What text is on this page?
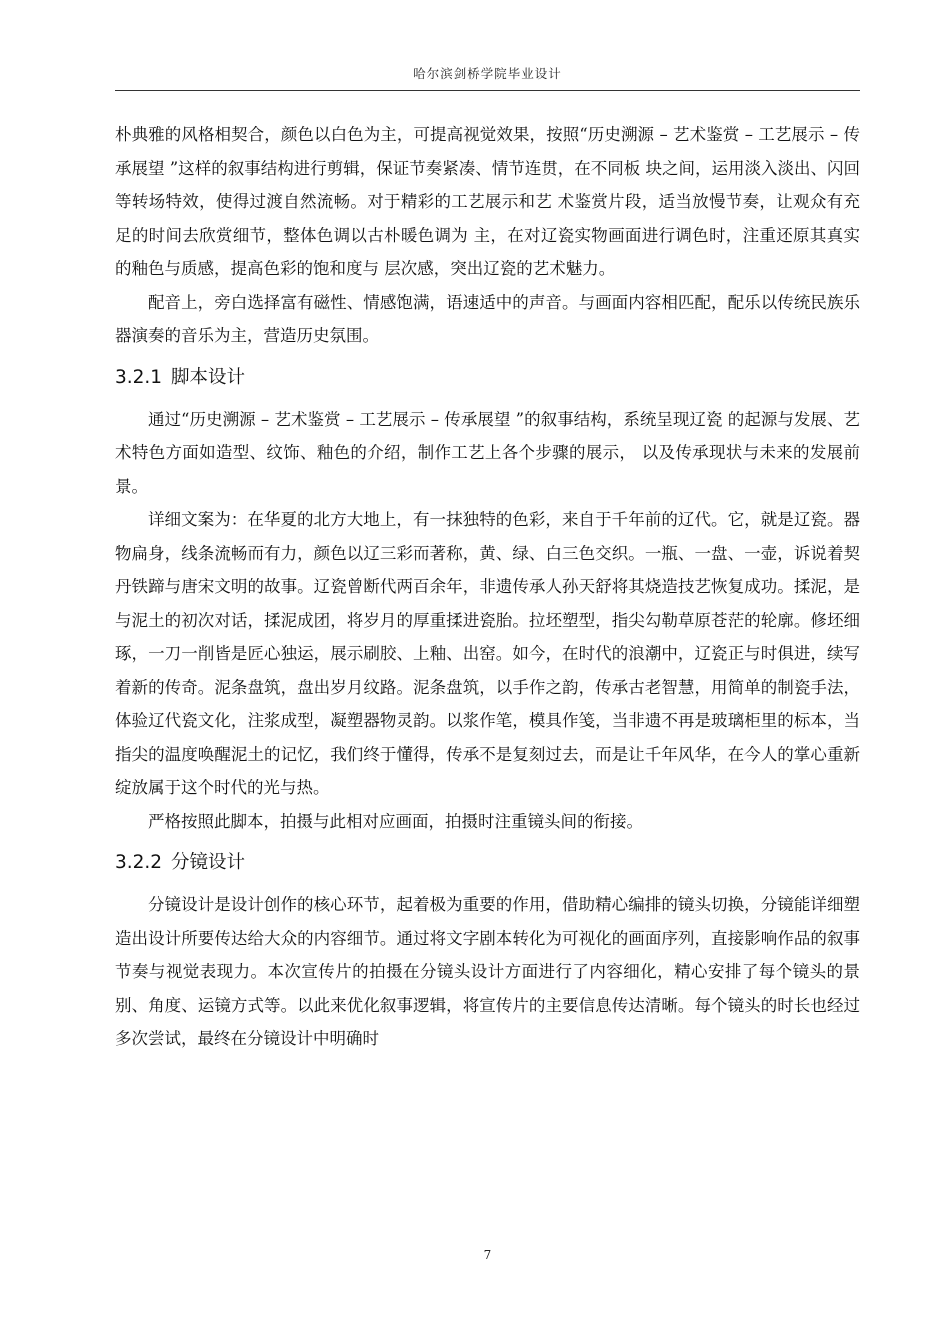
哈尔滨剑桥学院毕业设计

朴典雅的风格相契合，颜色以白色为主，可提高视觉效果，按照“历史溯源 – 艺术鉴赏 – 工艺展示 – 传承展望 ”这样的叙事结构进行剪辑，保证节奏紧凑、情节连贯，在不同板 块之间，运用淡入淡出、闪回等转场特效，使得过渡自然流畅。对于精彩的工艺展示和艺 术鉴赏片段，适当放慢节奏，让观众有充足的时间去欣赏细节，整体色调以古朴暖色调为 主，在对辽瓷实物画面进行调色时，注重还原其真实的釉色与质感，提高色彩的饱和度与 层次感，突出辽瓷的艺术魅力。

配音上，旁白选择富有磁性、情感饱满，语速适中的声音。与画面内容相匹配，配乐以传统民族乐器演奏的音乐为主，营造历史氛围。

3.2.1 脚本设计

通过“历史溯源 – 艺术鉴赏 – 工艺展示 – 传承展望 ”的叙事结构，系统呈现辽瓷 的起源与发展、艺术特色方面如造型、纹饰、釉色的介绍，制作工艺上各个步骤的展示， 以及传承现状与未来的发展前景。

详细文案为：在华夏的北方大地上，有一抹独特的色彩，来自于千年前的辽代。它，就是辽瓷。器物扁身，线条流畅而有力，颜色以辽三彩而著称，黄、绿、白三色交织。一瓶、一盘、一壶，诉说着契丹铁蹄与唐宋文明的故事。辽瓷曾断代两百余年，非遗传承人孙天舒将其烧造技艺恢复成功。揉泥，是与泥土的初次对话，揉泥成团，将岁月的厚重揉进瓷胎。拉坯塑型，指尖勾勒草原苍茫的轮廓。修坯细琢，一刀一削皆是匠心独运，展示刷胶、上釉、出窑。如今，在时代的浪潮中，辽瓷正与时俱进，续写着新的传奇。泥条盘筑，盘出岁月纹路。泥条盘筑，以手作之韵，传承古老智慧，用简单的制瓷手法，体验辽代瓷文化，注浆成型，凝塑器物灵韵。以浆作笔，模具作笺，当非遗不再是玻璃柜里的标本，当指尖的温度唤醒泥土的记忆，我们终于懂得，传承不是复刻过去，而是让千年风华，在今人的掌心重新绽放属于这个时代的光与热。

严格按照此脚本，拍摄与此相对应画面，拍摄时注重镜头间的衔接。

3.2.2 分镜设计

分镜设计是设计创作的核心环节，起着极为重要的作用，借助精心编排的镜头切换，分镜能详细塑造出设计所要传达给大众的内容细节。通过将文字剧本转化为可视化的画面序列，直接影响作品的叙事节奏与视觉表现力。本次宣传片的拍摄在分镜头设计方面进行了内容细化，精心安排了每个镜头的景别、角度、运镜方式等。以此来优化叙事逻辑，将宣传片的主要信息传达清晰。每个镜头的时长也经过多次尝试，最终在分镜设计中明确时

7
